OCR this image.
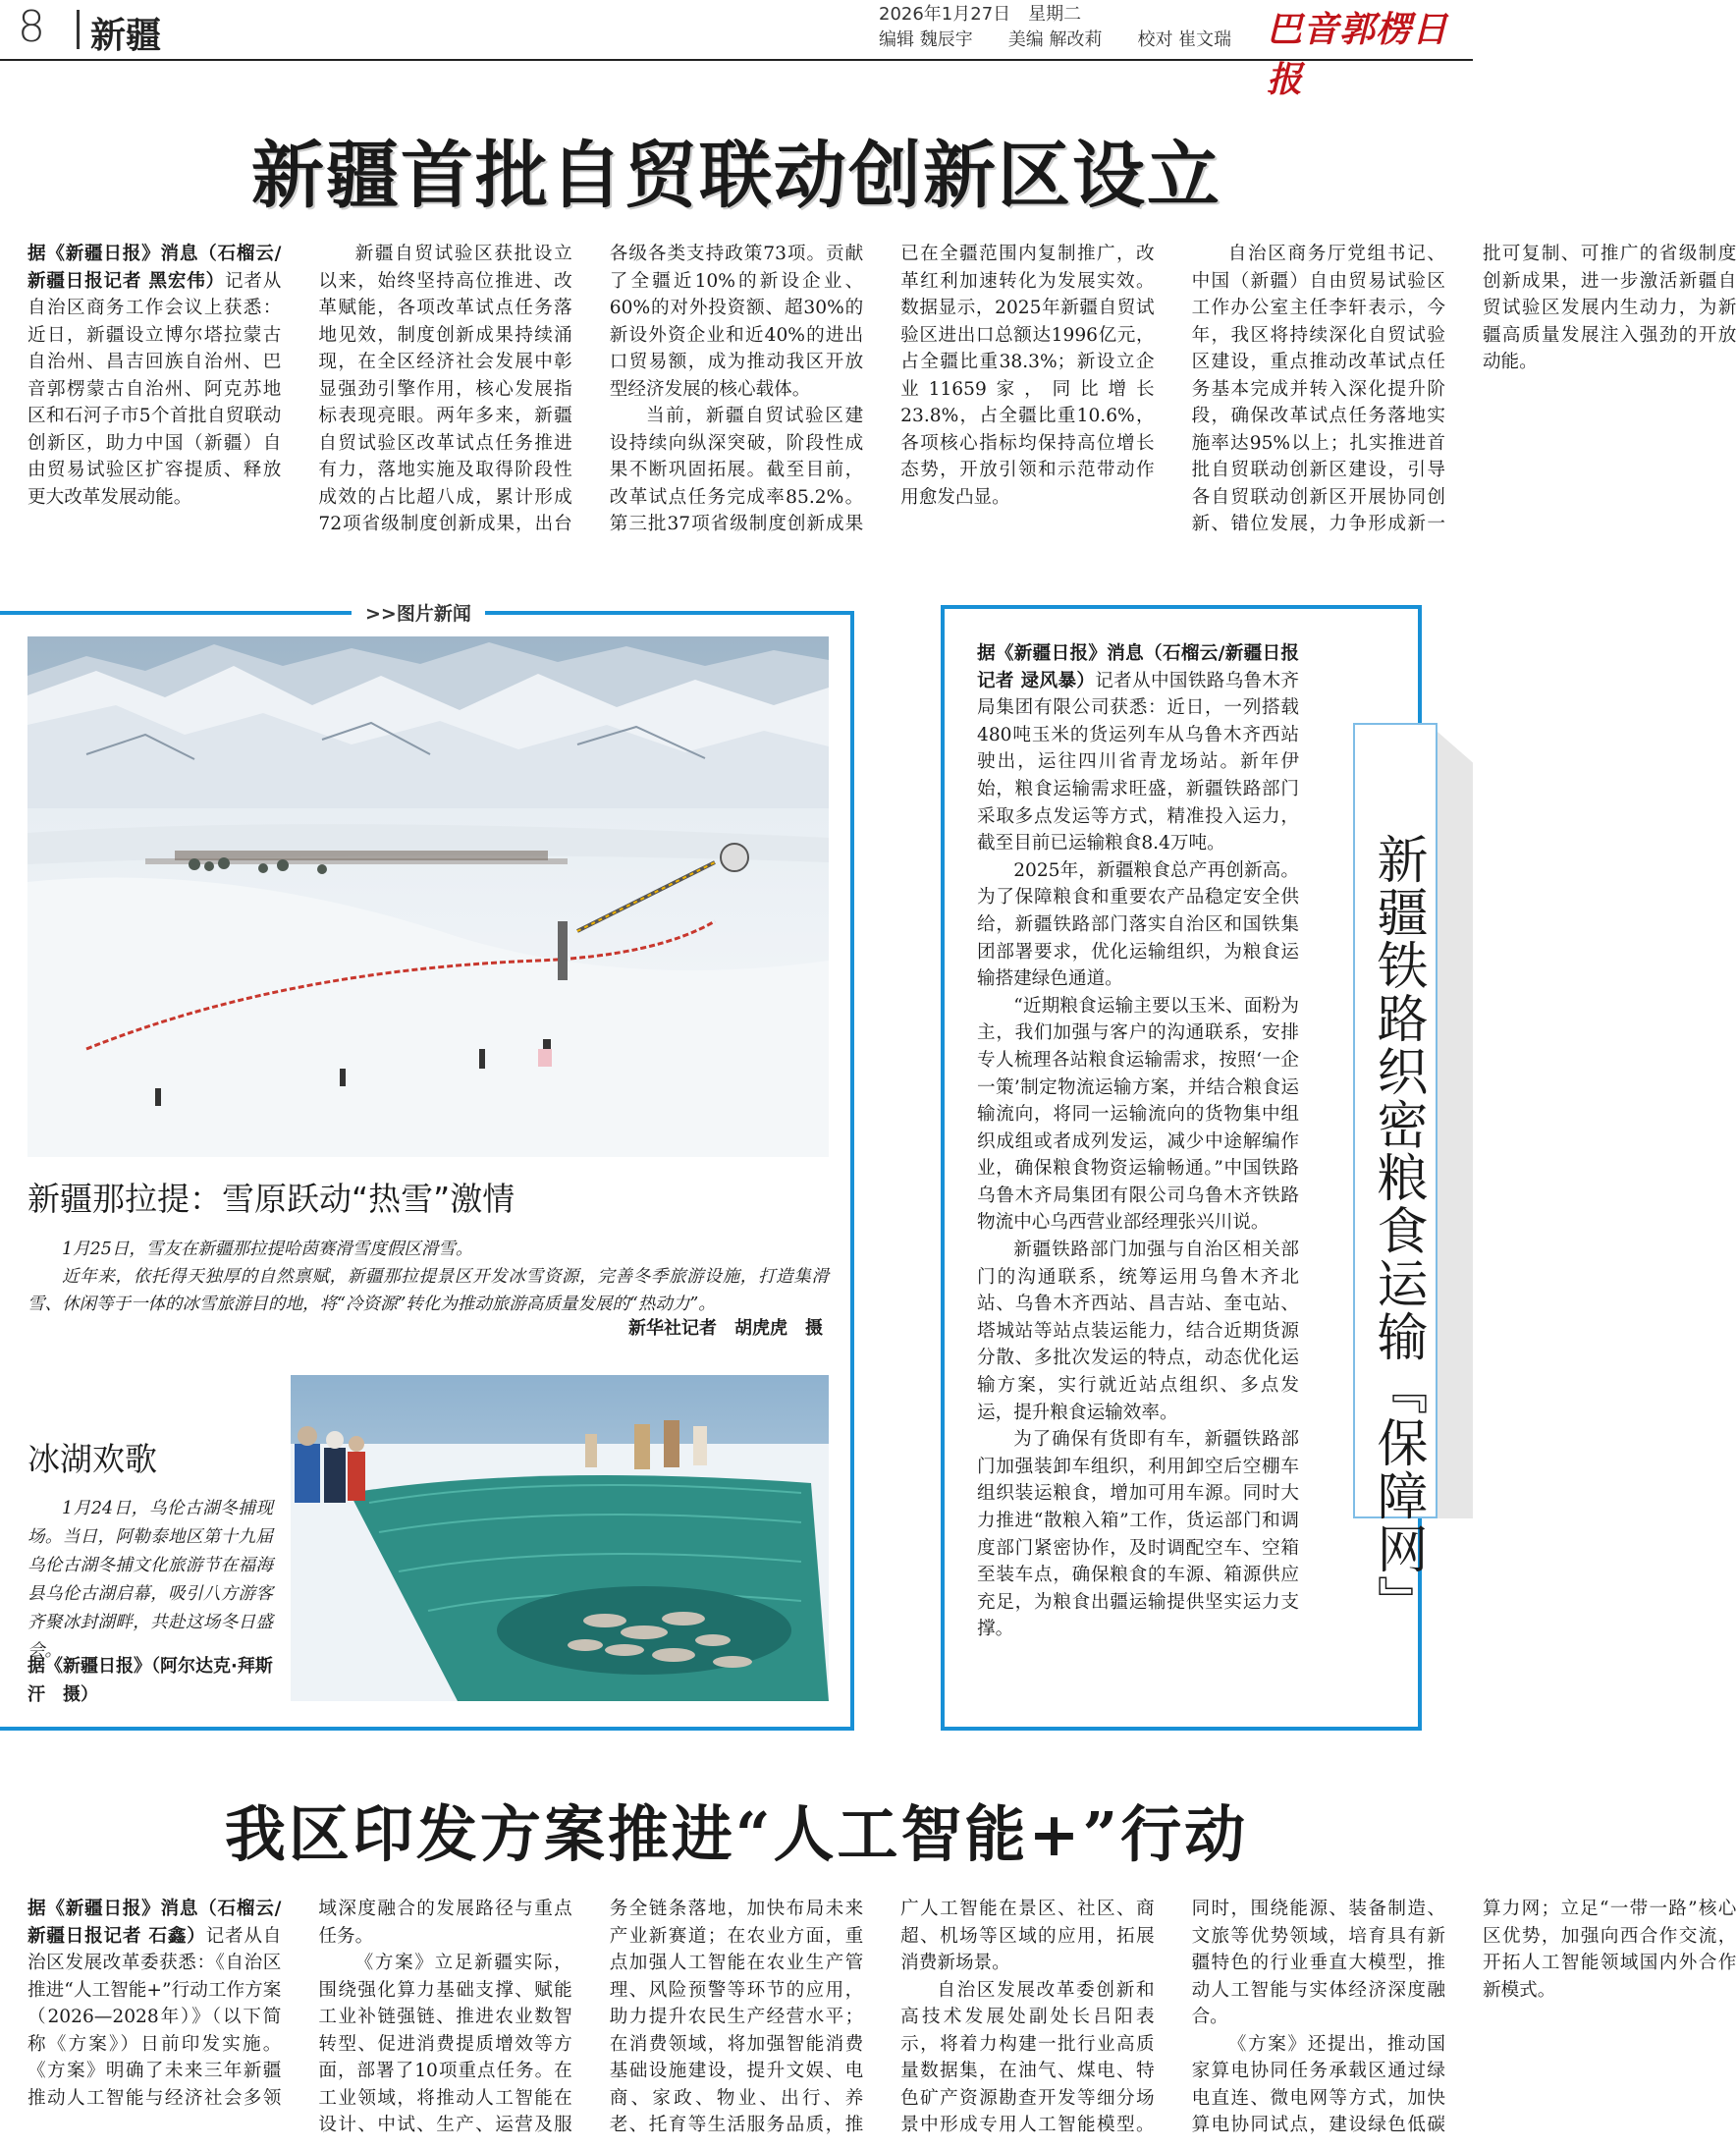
8 新疆
2026年1月27日　星期二
编辑 魏辰宇　　美编 解改莉　　校对 崔文瑞 巴音郭楞日报
新疆首批自贸联动创新区设立

据《新疆日报》消息（石榴云/新疆日报记者 黑宏伟）记者从自治区商务工作会议上获悉：近日，新疆设立博尔塔拉蒙古自治州、昌吉回族自治州、巴音郭楞蒙古自治州、阿克苏地区和石河子市5个首批自贸联动创新区，助力中国（新疆）自由贸易试验区扩容提质、释放更大改革发展动能。

新疆自贸试验区获批设立以来，始终坚持高位推进、改革赋能，各项改革试点任务落地见效，制度创新成果持续涌现，在全区经济社会发展中彰显强劲引擎作用，核心发展指标表现亮眼。两年多来，新疆自贸试验区改革试点任务推进有力，落地实施及取得阶段性成效的占比超八成，累计形成72项省级制度创新成果，出台各级各类支持政策73项。贡献了全疆近10%的新设企业、60%的对外投资额、超30%的新设外资企业和近40%的进出口贸易额，成为推动我区开放型经济发展的核心载体。

当前，新疆自贸试验区建设持续向纵深突破，阶段性成果不断巩固拓展。截至目前，改革试点任务完成率85.2%。第三批37项省级制度创新成果已在全疆范围内复制推广，改革红利加速转化为发展实效。数据显示，2025年新疆自贸试验区进出口总额达1996亿元，占全疆比重38.3%；新设立企业11659家，同比增长23.8%，占全疆比重10.6%，各项核心指标均保持高位增长态势，开放引领和示范带动作用愈发凸显。

自治区商务厅党组书记、中国（新疆）自由贸易试验区工作办公室主任李轩表示，今年，我区将持续深化自贸试验区建设，重点推动改革试点任务基本完成并转入深化提升阶段，确保改革试点任务落地实施率达95%以上；扎实推进首批自贸联动创新区建设，引导各自贸联动创新区开展协同创新、错位发展，力争形成新一批可复制、可推广的省级制度创新成果，进一步激活新疆自贸试验区发展内生动力，为新疆高质量发展注入强劲的开放动能。

>>图片新闻
新疆那拉提：雪原跃动“热雪”激情
1月25日，雪友在新疆那拉提哈茵赛滑雪度假区滑雪。
近年来，依托得天独厚的自然禀赋，新疆那拉提景区开发冰雪资源，完善冬季旅游设施，打造集滑雪、休闲等于一体的冰雪旅游目的地，将“冷资源”转化为推动旅游高质量发展的“热动力”。
新华社记者　胡虎虎　摄
冰湖欢歌
1月24日，乌伦古湖冬捕现场。当日，阿勒泰地区第十九届乌伦古湖冬捕文化旅游节在福海县乌伦古湖启幕，吸引八方游客齐聚冰封湖畔，共赴这场冬日盛会。
据《新疆日报》（阿尔达克·拜斯汗　摄）

据《新疆日报》消息（石榴云/新疆日报记者 逯风暴）记者从中国铁路乌鲁木齐局集团有限公司获悉：近日，一列搭载480吨玉米的货运列车从乌鲁木齐西站驶出，运往四川省青龙场站。新年伊始，粮食运输需求旺盛，新疆铁路部门采取多点发运等方式，精准投入运力，截至目前已运输粮食8.4万吨。

2025年，新疆粮食总产再创新高。为了保障粮食和重要农产品稳定安全供给，新疆铁路部门落实自治区和国铁集团部署要求，优化运输组织，为粮食运输搭建绿色通道。

“近期粮食运输主要以玉米、面粉为主，我们加强与客户的沟通联系，安排专人梳理各站粮食运输需求，按照‘一企一策’制定物流运输方案，并结合粮食运输流向，将同一运输流向的货物集中组织成组或者成列发运，减少中途解编作业，确保粮食物资运输畅通。”中国铁路乌鲁木齐局集团有限公司乌鲁木齐铁路物流中心乌西营业部经理张兴川说。

新疆铁路部门加强与自治区相关部门的沟通联系，统筹运用乌鲁木齐北站、乌鲁木齐西站、昌吉站、奎屯站、塔城站等站点装运能力，结合近期货源分散、多批次发运的特点，动态优化运输方案，实行就近站点组织、多点发运，提升粮食运输效率。

为了确保有货即有车，新疆铁路部门加强装卸车组织，利用卸空后空棚车组织装运粮食，增加可用车源。同时大力推进“散粮入箱”工作，货运部门和调度部门紧密协作，及时调配空车、空箱至装车点，确保粮食的车源、箱源供应充足，为粮食出疆运输提供坚实运力支撑。

新疆铁路织密粮食运输『保障网』
我区印发方案推进“人工智能+”行动

据《新疆日报》消息（石榴云/新疆日报记者 石鑫）记者从自治区发展改革委获悉：《自治区推进“人工智能+”行动工作方案（2026—2028年）》（以下简称《方案》）日前印发实施。《方案》明确了未来三年新疆推动人工智能与经济社会多领域深度融合的发展路径与重点任务。

《方案》立足新疆实际，围绕强化算力基础支撑、赋能工业补链强链、推进农业数智转型、促进消费提质增效等方面，部署了10项重点任务。在工业领域，将推动人工智能在设计、中试、生产、运营及服务全链条落地，加快布局未来产业新赛道；在农业方面，重点加强人工智能在农业生产管理、风险预警等环节的应用，助力提升农民生产经营水平；在消费领域，将加强智能消费基础设施建设，提升文娱、电商、家政、物业、出行、养老、托育等生活服务品质，推广人工智能在景区、社区、商超、机场等区域的应用，拓展消费新场景。

自治区发展改革委创新和高技术发展处副处长吕阳表示，将着力构建一批行业高质量数据集，在油气、煤电、特色矿产资源勘查开发等细分场景中形成专用人工智能模型。同时，围绕能源、装备制造、文旅等优势领域，培育具有新疆特色的行业垂直大模型，推动人工智能与实体经济深度融合。

《方案》还提出，推动国家算电协同任务承载区通过绿电直连、微电网等方式，加快算电协同试点，建设绿色低碳算力网；立足“一带一路”核心区优势，加强向西合作交流，开拓人工智能领域国内外合作新模式。
